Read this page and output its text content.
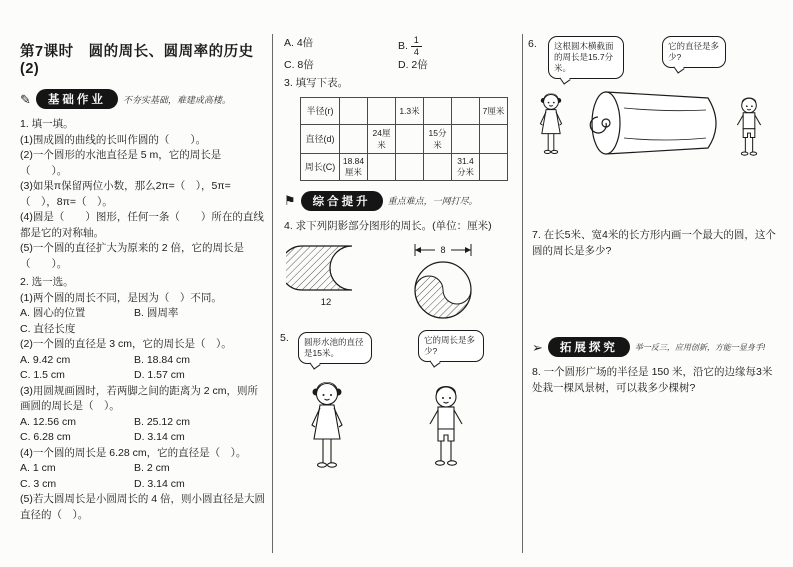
第7课时　圆的周长、圆周率的历史(2)
✎	基础作业	不夯实基础，难建成高楼。
1. 填一填。
(1)围成圆的曲线的长叫作圆的（　　）。
(2)一个圆形的水池直径是 5 m，它的周长是（　　）。
(3)如果π保留两位小数，那么2π=（　），5π=（　），8π=（　）。
(4)圆是（　　）图形，任何一条（　　）所在的直线都是它的对称轴。
(5)一个圆的直径扩大为原来的 2 倍，它的周长是（　　）。
2. 选一选。
(1)两个圆的周长不同，是因为（　）不同。
A. 圆心的位置	B. 圆周率
C. 直径长度
(2)一个圆的直径是 3 cm，它的周长是（　）。
A. 9.42 cm	B. 18.84 cm
C. 1.5 cm	D. 1.57 cm
(3)用圆规画圆时，若两脚之间的距离为 2 cm，则所画圆的周长是（　）。
A. 12.56 cm	B. 25.12 cm
C. 6.28 cm	D. 3.14 cm
(4)一个圆的周长是 6.28 cm，它的直径是（　）。
A. 1 cm	B. 2 cm
C. 3 cm	D. 3.14 cm
(5)若大圆周长是小圆周长的 4 倍，则小圆直径是大圆直径的（　）。
A. 4倍	B. $\frac{1}{4}$
C. 8倍	D. 2倍
3. 填写下表。
半径(r)			1.3米			7厘米
直径(d)		24厘米		15分米		
周长(C)	18.84厘米				31.4分米	
⚑	综合提升	重点难点，一网打尽。
4. 求下列阴影部分图形的周长。(单位：厘米)
12
8
5.	圆形水池的直径是15米。
它的周长是多少?
6.	这根圆木横截面的周长是15.7分米。
它的直径是多少?
7. 在长5米、宽4米的长方形内画一个最大的圆，这个圆的周长是多少?
➢	拓展探究	举一反三，应用创新，方能一显身手!
8. 一个圆形广场的半径是 150 米，沿它的边缘每3米处栽一棵风景树，可以栽多少棵树?
